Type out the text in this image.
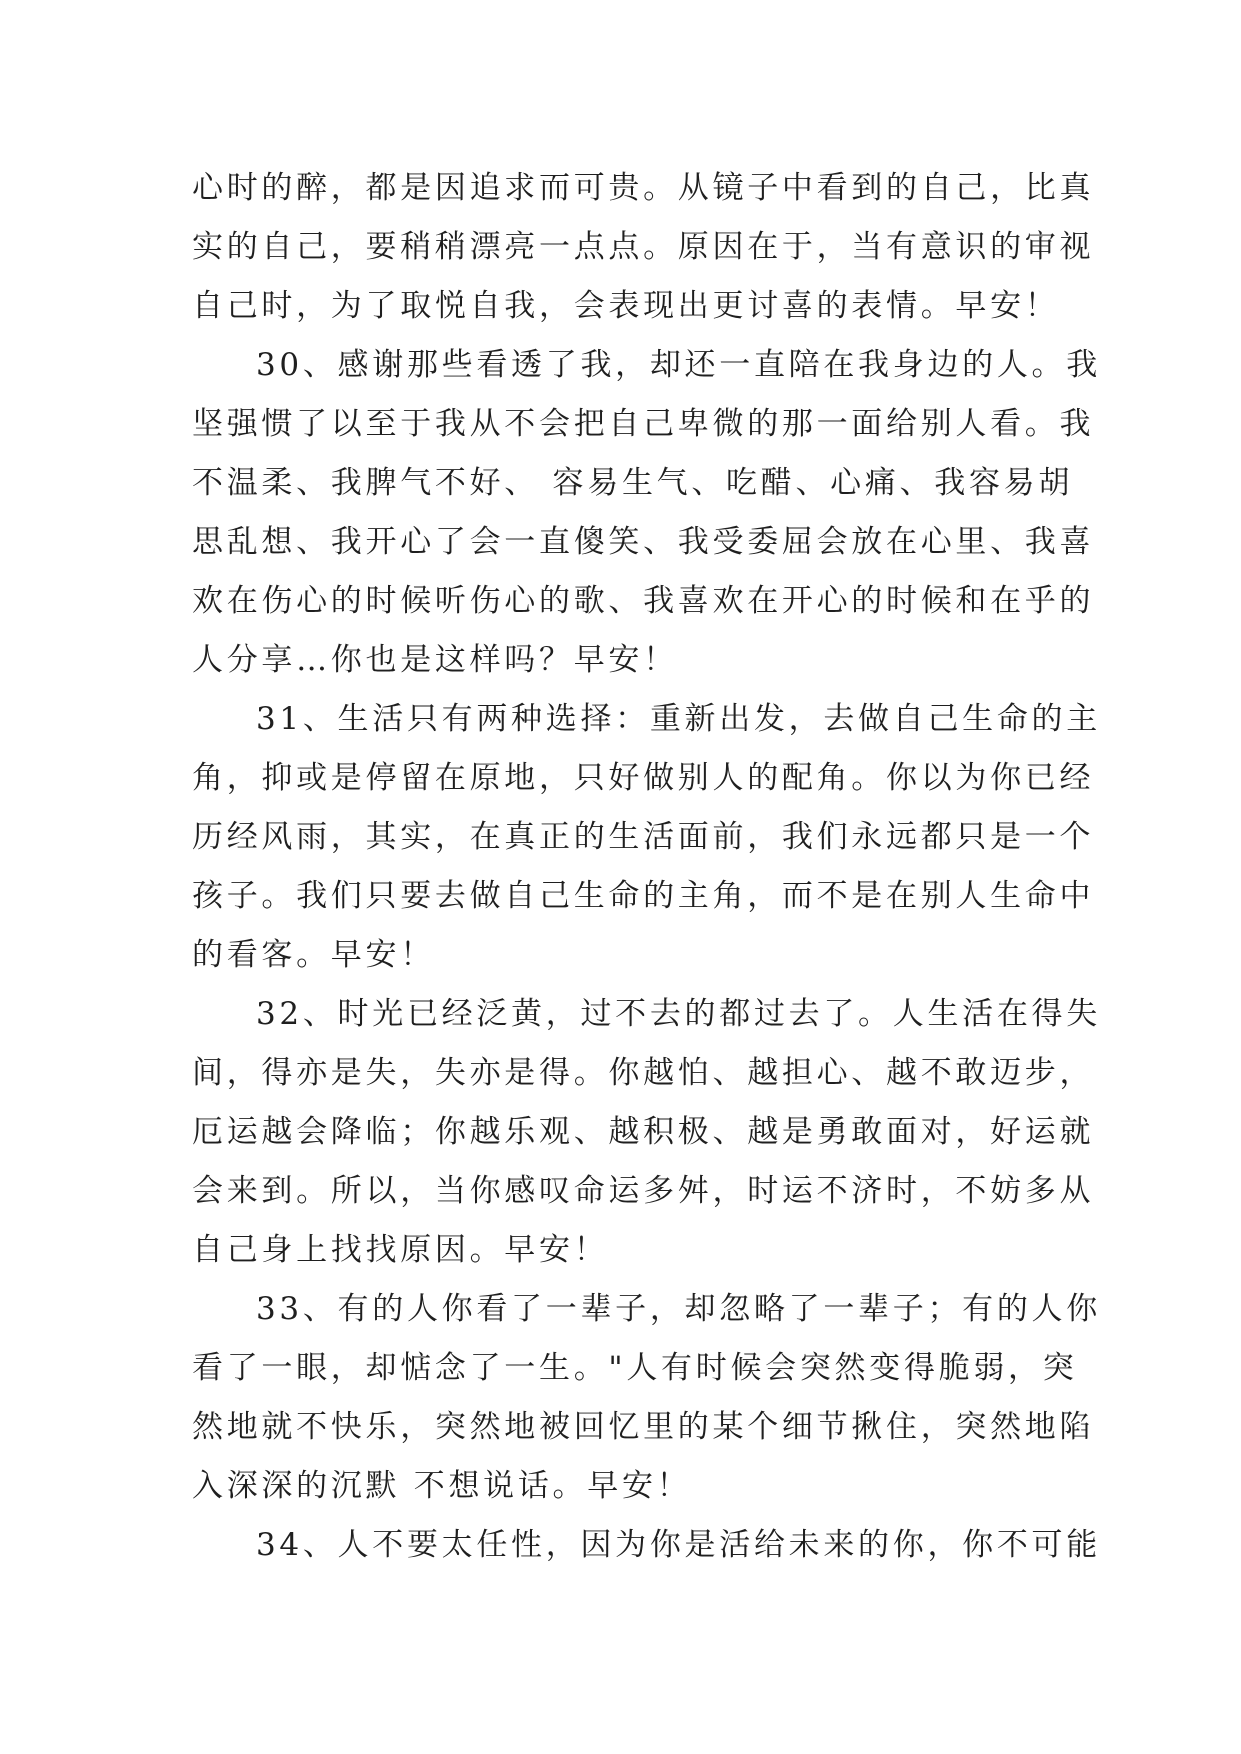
心时的醉，都是因追求而可贵。从镜子中看到的自己，比真
实的自己，要稍稍漂亮一点点。原因在于，当有意识的审视
自己时，为了取悦自我，会表现出更讨喜的表情。早安！
30、感谢那些看透了我，却还一直陪在我身边的人。我
坚强惯了以至于我从不会把自己卑微的那一面给别人看。我
不温柔、我脾气不好、 容易生气、吃醋、心痛、我容易胡
思乱想、我开心了会一直傻笑、我受委屈会放在心里、我喜
欢在伤心的时候听伤心的歌、我喜欢在开心的时候和在乎的
人分享…你也是这样吗？早安！
31、生活只有两种选择：重新出发，去做自己生命的主
角，抑或是停留在原地，只好做别人的配角。你以为你已经
历经风雨，其实，在真正的生活面前，我们永远都只是一个
孩子。我们只要去做自己生命的主角，而不是在别人生命中
的看客。早安！
32、时光已经泛黄，过不去的都过去了。人生活在得失
间，得亦是失，失亦是得。你越怕、越担心、越不敢迈步，
厄运越会降临；你越乐观、越积极、越是勇敢面对，好运就
会来到。所以，当你感叹命运多舛，时运不济时，不妨多从
自己身上找找原因。早安！
33、有的人你看了一辈子，却忽略了一辈子；有的人你
看了一眼，却惦念了一生。"人有时候会突然变得脆弱，突
然地就不快乐，突然地被回忆里的某个细节揪住，突然地陷
入深深的沉默 不想说话。早安！
34、人不要太任性，因为你是活给未来的你，你不可能
